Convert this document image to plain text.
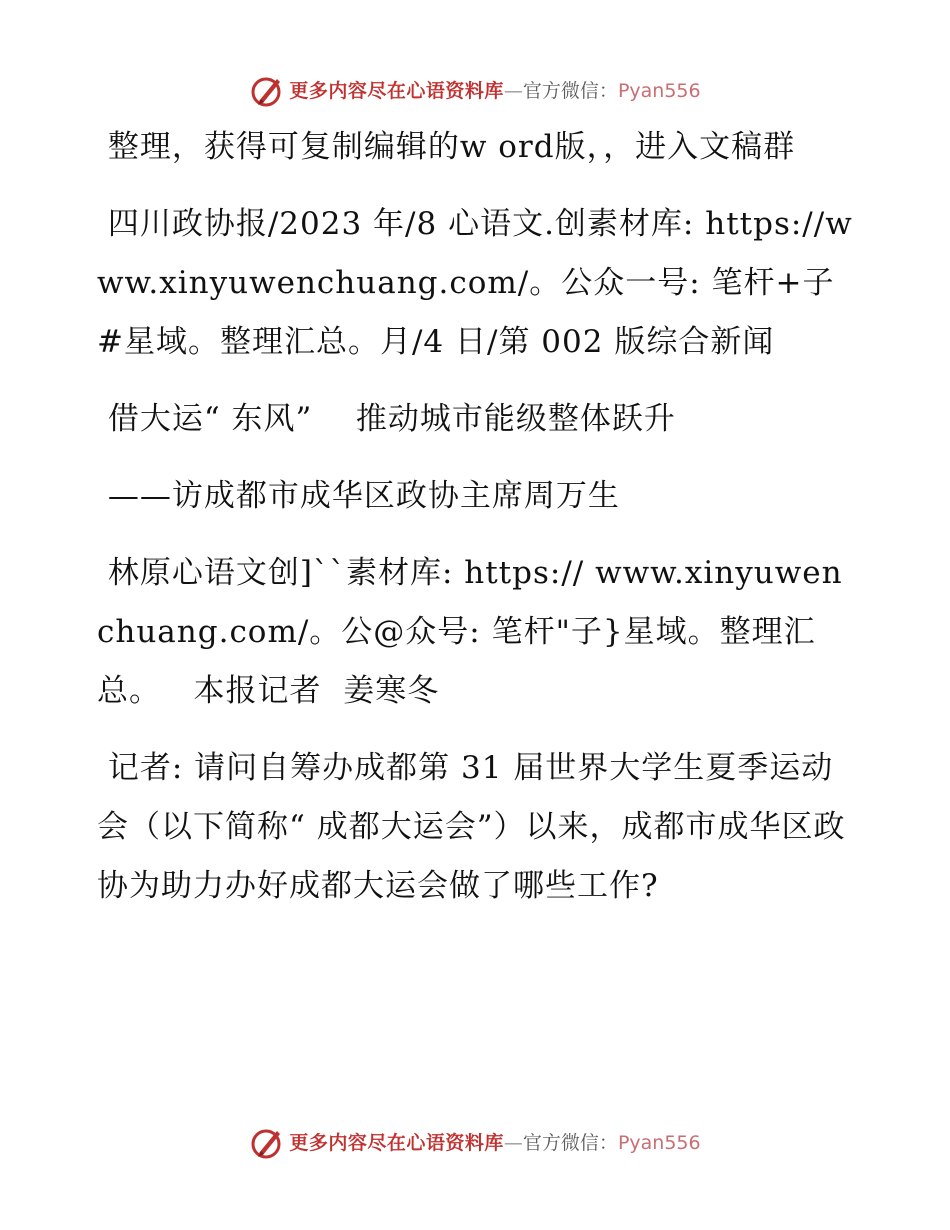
更多内容尽在心语资料库 — 官方微信： Pyan556

整理，获得可复制编辑的w ord版，，进入文稿群

四川政协报/2023 年/8 心语文.创素材库: https://www.xinyuwenchuang.com/。公众一号: 笔杆+子#星域。整理汇总。月/4 日/第 002 版综合新闻

借大运“ 东风”    推动城市能级整体跃升

——访成都市成华区政协主席周万生

林原心语文创]``素材库: https:// www.xinyuwenchuang.com/。公@众号: 笔杆"子}星域。整理汇总。   本报记者  姜寒冬

记者: 请问自筹办成都第 31 届世界大学生夏季运动会（以下简称“ 成都大运会”）以来，成都市成华区政协为助力办好成都大运会做了哪些工作?

更多内容尽在心语资料库 — 官方微信： Pyan556
